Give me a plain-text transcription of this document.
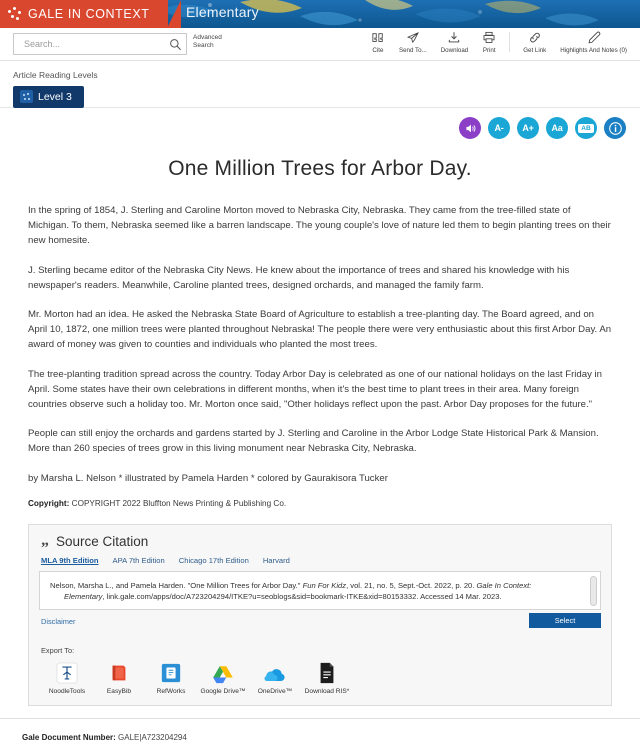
GALE IN CONTEXT	Elementary
Search...
Advanced
Search
Cite	Send To... Download Print	Get Link Highlights And Notes (0)
Article Reading Levels
Level 3
A- A+ Aa	AB
One Million Trees for Arbor Day.

In the spring of 1854, J. Sterling and Caroline Morton moved to Nebraska City, Nebraska. They came from the tree-filled state of Michigan. To them, Nebraska seemed like a barren landscape. The young couple's love of nature led them to begin planting trees on their new homesite.

J. Sterling became editor of the Nebraska City News. He knew about the importance of trees and shared his knowledge with his newspaper's readers. Meanwhile, Caroline planted trees, designed orchards, and managed the family farm.

Mr. Morton had an idea. He asked the Nebraska State Board of Agriculture to establish a tree-planting day. The Board agreed, and on April 10, 1872, one million trees were planted throughout Nebraska! The people there were very enthusiastic about this first Arbor Day. An award of money was given to counties and individuals who planted the most trees.

The tree-planting tradition spread across the country. Today Arbor Day is celebrated as one of our national holidays on the last Friday in April. Some states have their own celebrations in different months, when it's the best time to plant trees in their area. Many foreign countries observe such a holiday too. Mr. Morton once said, "Other holidays reflect upon the past. Arbor Day proposes for the future."

People can still enjoy the orchards and gardens started by J. Sterling and Caroline in the Arbor Lodge State Historical Park & Mansion. More than 260 species of trees grow in this living monument near Nebraska City, Nebraska.

by Marsha L. Nelson * illustrated by Pamela Harden * colored by Gaurakisora Tucker

Copyright: COPYRIGHT 2022 Bluffton News Printing & Publishing Co.

„ Source Citation
MLA 9th Edition APA 7th Edition Chicago 17th Edition Harvard
Nelson, Marsha L., and Pamela Harden. "One Million Trees for Arbor Day." Fun For Kidz, vol. 21, no. 5, Sept.-Oct. 2022, p. 20. Gale In Context:
Elementary, link.gale.com/apps/doc/A723204294/ITKE?u=seoblogs&sid=bookmark-ITKE&xid=80153332. Accessed 14 Mar. 2023.
Disclaimer	Select
Export To:
NoodleTools	EasyBib	RefWorks Google Drive™ OneDrive™ Download RIS*
Gale Document Number: GALE|A723204294
